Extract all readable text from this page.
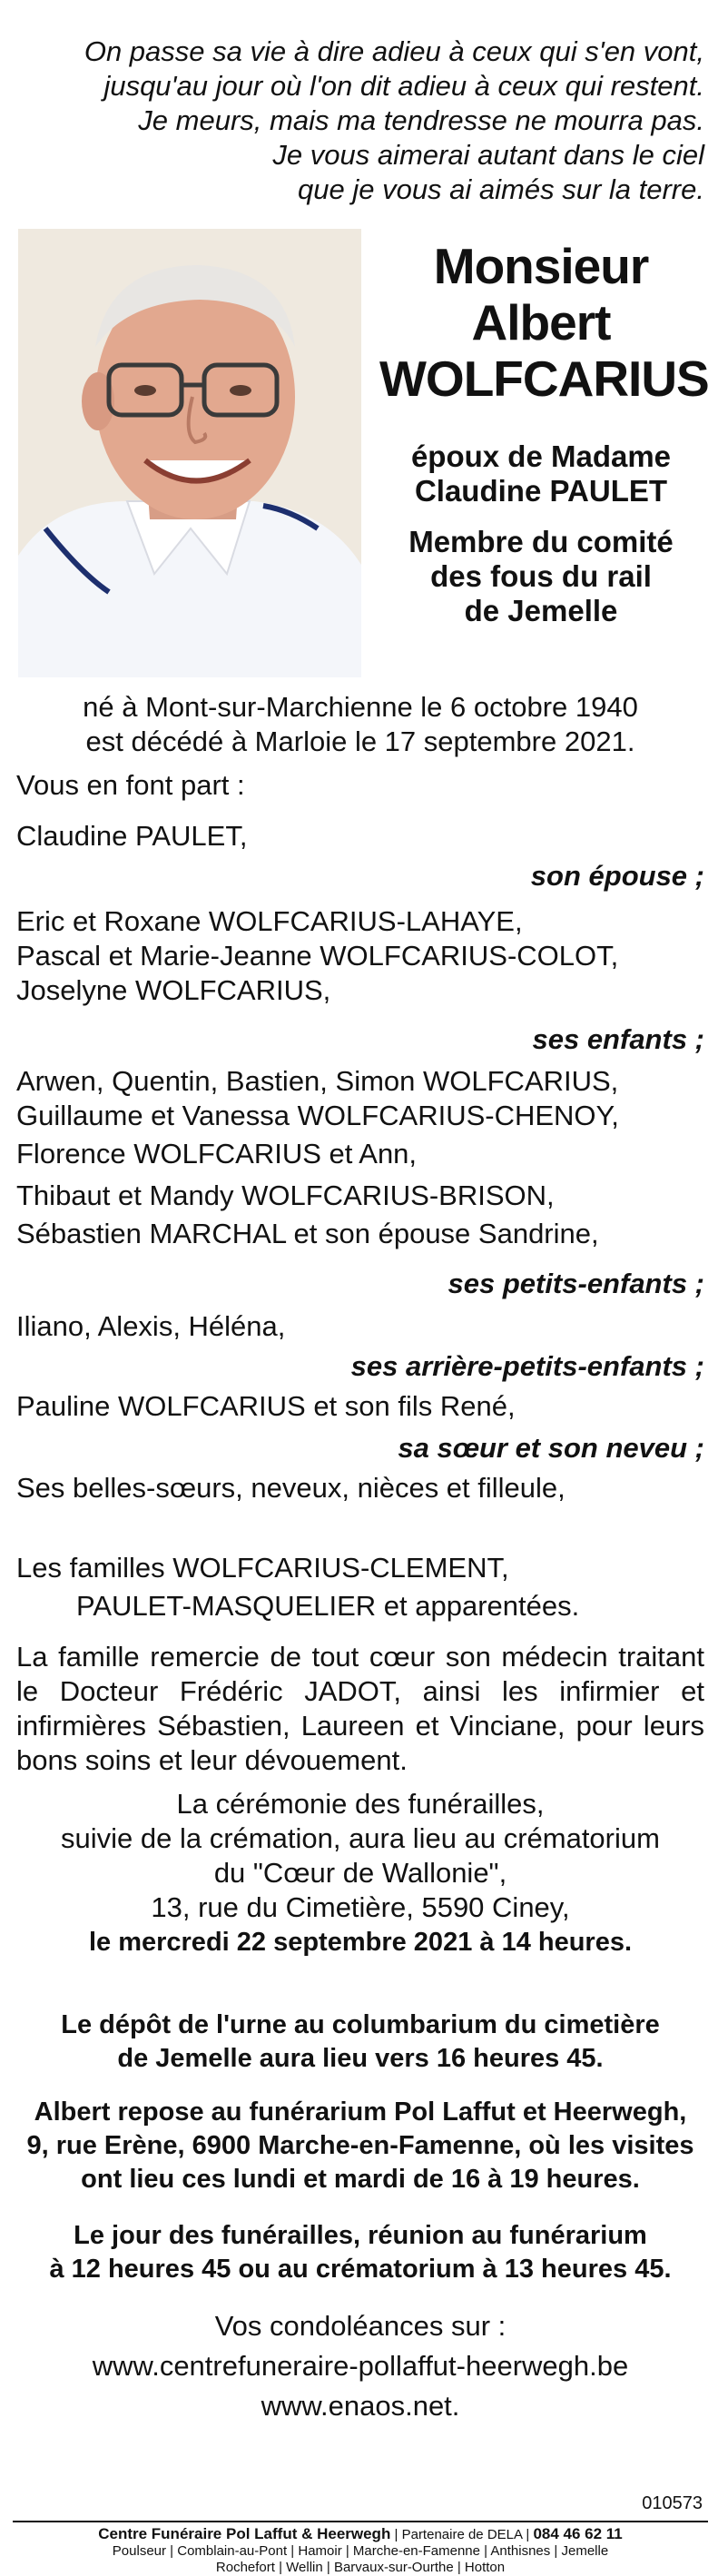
On passe sa vie à dire adieu à ceux qui s'en vont,
jusqu'au jour où l'on dit adieu à ceux qui restent.
Je meurs, mais ma tendresse ne mourra pas.
Je vous aimerai autant dans le ciel
que je vous ai aimés sur la terre.
Monsieur
Albert
WOLFCARIUS
époux de Madame
Claudine PAULET
Membre du comité
des fous du rail
de Jemelle
né à Mont-sur-Marchienne le 6 octobre 1940
est décédé à Marloie le 17 septembre 2021.
Vous en font part :
Claudine PAULET,
son épouse ;
Eric et Roxane WOLFCARIUS-LAHAYE,
Pascal et Marie-Jeanne WOLFCARIUS-COLOT,
Joselyne WOLFCARIUS,
ses enfants ;
Arwen, Quentin, Bastien, Simon WOLFCARIUS,
Guillaume et Vanessa WOLFCARIUS-CHENOY,
Florence WOLFCARIUS et Ann,
Thibaut et Mandy WOLFCARIUS-BRISON,
Sébastien MARCHAL et son épouse Sandrine,
ses petits-enfants ;
Iliano, Alexis, Héléna,
ses arrière-petits-enfants ;
Pauline WOLFCARIUS et son fils René,
sa sœur et son neveu ;
Ses belles-sœurs, neveux, nièces et filleule,
Les familles WOLFCARIUS-CLEMENT,
PAULET-MASQUELIER et apparentées.
La famille remercie de tout cœur son médecin traitant le Docteur Frédéric JADOT, ainsi les infirmier et infirmières Sébastien, Laureen et Vinciane, pour leurs bons soins et leur dévouement.
La cérémonie des funérailles,
suivie de la crémation, aura lieu au crématorium
du "Cœur de Wallonie",
13, rue du Cimetière, 5590 Ciney,
le mercredi 22 septembre 2021 à 14 heures.
Le dépôt de l'urne au columbarium du cimetière
de Jemelle aura lieu vers 16 heures 45.
Albert repose au funérarium Pol Laffut et Heerwegh,
9, rue Erène, 6900 Marche-en-Famenne, où les visites
ont lieu ces lundi et mardi de 16 à 19 heures.
Le jour des funérailles, réunion au funérarium
à 12 heures 45 ou au crématorium à 13 heures 45.
Vos condoléances sur :
www.centrefuneraire-pollaffut-heerwegh.be
www.enaos.net.
010573
Centre Funéraire Pol Laffut & Heerwegh | Partenaire de DELA | 084 46 62 11
Poulseur | Comblain-au-Pont | Hamoir | Marche-en-Famenne | Anthisnes | Jemelle
Rochefort | Wellin | Barvaux-sur-Ourthe | Hotton
